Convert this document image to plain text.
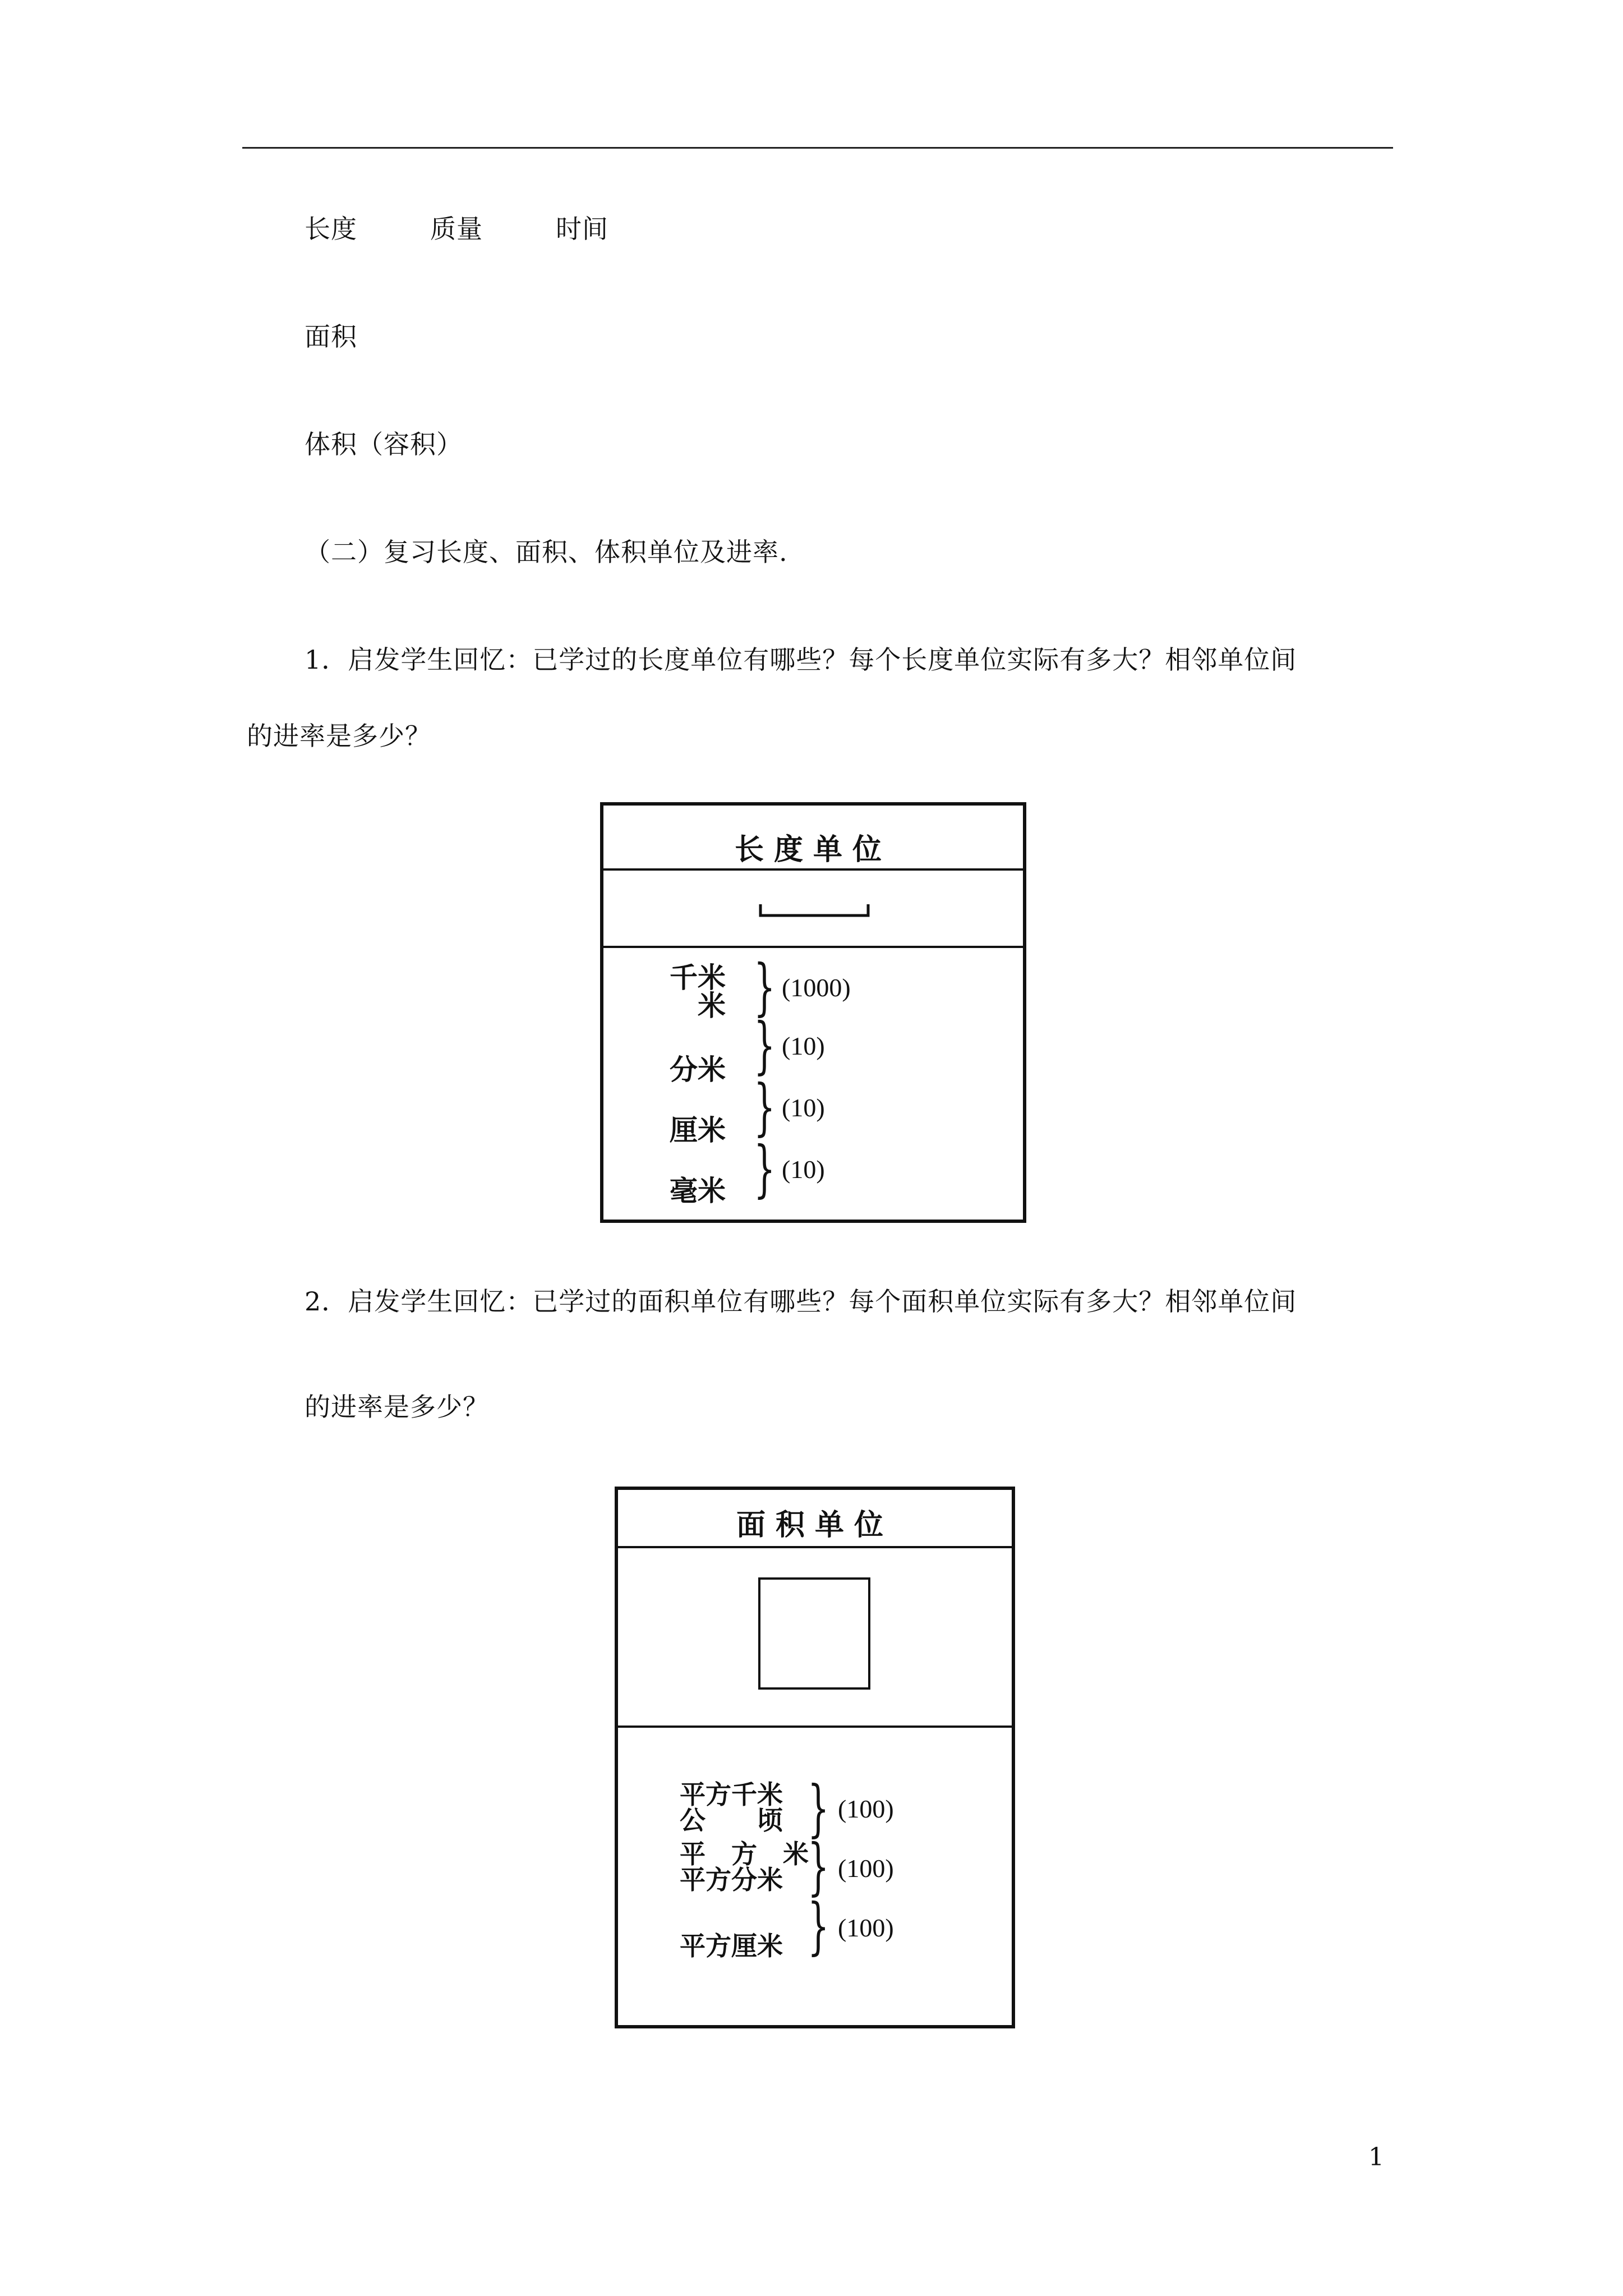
长度	质量	时间
面积
体积（容积）
（二）复习长度、面积、体积单位及进率.
1．启发学生回忆：已学过的长度单位有哪些？每个长度单位实际有多大？相邻单位间
的进率是多少？
长度单位
千米
米 } (1000)
} (10)
分米
} (10)
厘米
} (10)
毫米
2．启发学生回忆：已学过的面积单位有哪些？每个面积单位实际有多大？相邻单位间
的进率是多少？
面积单位
平方千米
公　　顷 } (100)
平　方　米
平方分米 } (100)
} (100)
平方厘米
1
